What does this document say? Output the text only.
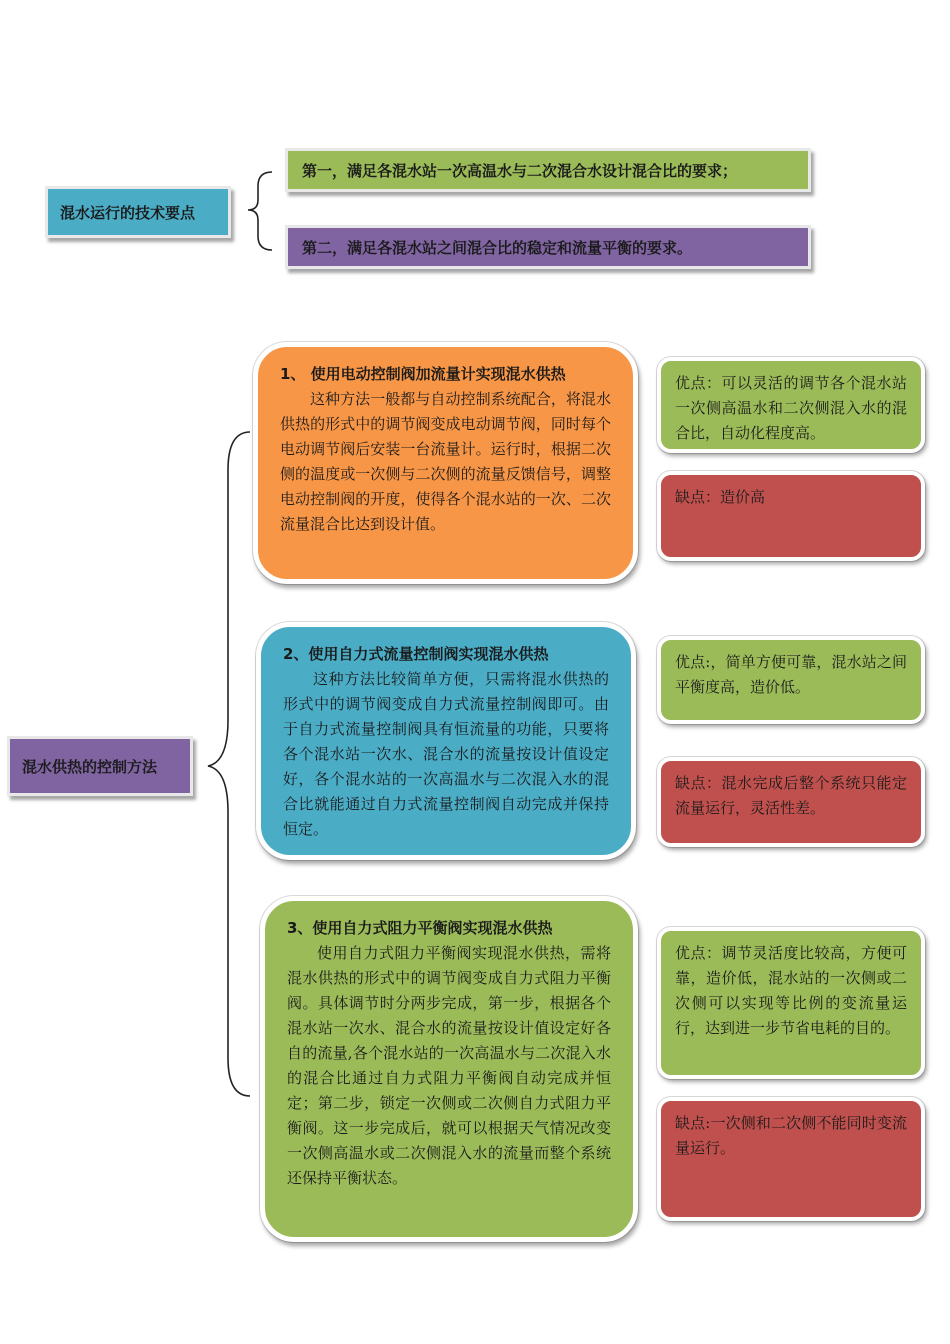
混水运行的技术要点
第一，满足各混水站一次高温水与二次混合水设计混合比的要求；
第二，满足各混水站之间混合比的稳定和流量平衡的要求。
混水供热的控制方法
1、 使用电动控制阀加流量计实现混水供热
这种方法一般都与自动控制系统配合，将混水供热的形式中的调节阀变成电动调节阀，同时每个电动调节阀后安装一台流量计。运行时，根据二次侧的温度或一次侧与二次侧的流量反馈信号，调整电动控制阀的开度，使得各个混水站的一次、二次流量混合比达到设计值。
优点：可以灵活的调节各个混水站一次侧高温水和二次侧混入水的混合比，自动化程度高。
缺点：造价高
2、使用自力式流量控制阀实现混水供热
这种方法比较简单方便，只需将混水供热的形式中的调节阀变成自力式流量控制阀即可。由于自力式流量控制阀具有恒流量的功能，只要将各个混水站一次水、混合水的流量按设计值设定好，各个混水站的一次高温水与二次混入水的混合比就能通过自力式流量控制阀自动完成并保持恒定。
优点:，简单方便可靠，混水站之间平衡度高，造价低。
缺点：混水完成后整个系统只能定流量运行，灵活性差。
3、使用自力式阻力平衡阀实现混水供热
使用自力式阻力平衡阀实现混水供热，需将混水供热的形式中的调节阀变成自力式阻力平衡阀。具体调节时分两步完成，第一步，根据各个混水站一次水、混合水的流量按设计值设定好各自的流量,各个混水站的一次高温水与二次混入水的混合比通过自力式阻力平衡阀自动完成并恒定；第二步，锁定一次侧或二次侧自力式阻力平衡阀。这一步完成后，就可以根据天气情况改变一次侧高温水或二次侧混入水的流量而整个系统还保持平衡状态。
优点：调节灵活度比较高，方便可靠，造价低，混水站的一次侧或二次侧可以实现等比例的变流量运行，达到进一步节省电耗的目的。
缺点:一次侧和二次侧不能同时变流量运行。
